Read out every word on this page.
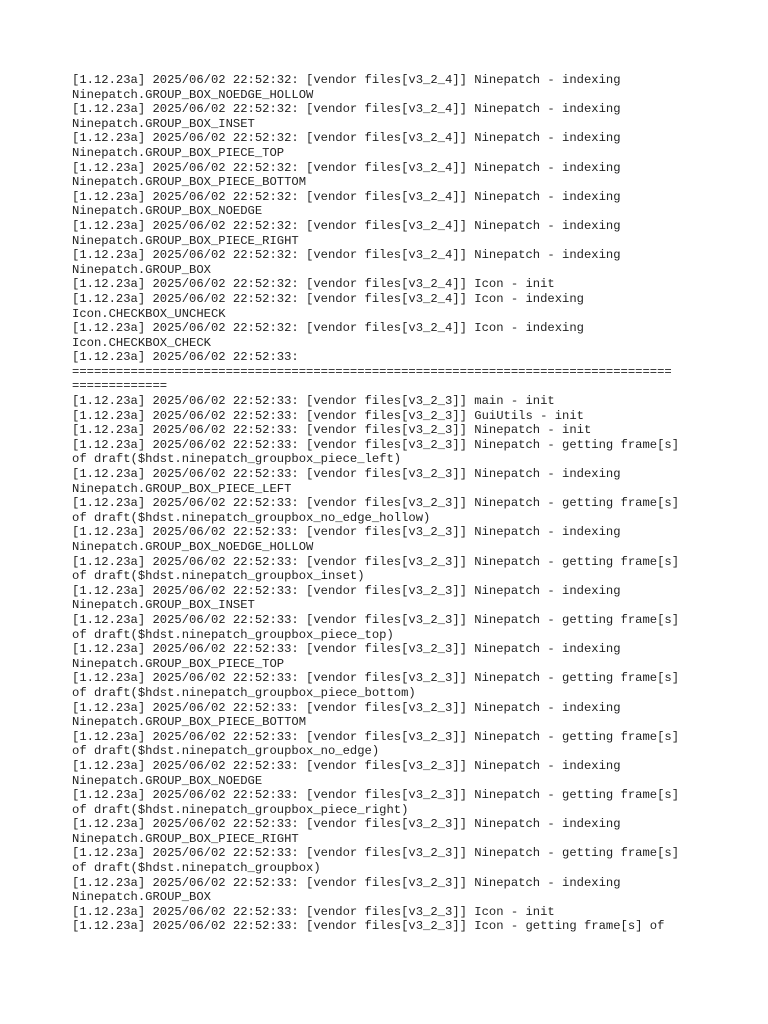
[1.12.23a] 2025/06/02 22:52:32: [vendor files[v3_2_4]] Ninepatch - indexing
Ninepatch.GROUP_BOX_NOEDGE_HOLLOW
[1.12.23a] 2025/06/02 22:52:32: [vendor files[v3_2_4]] Ninepatch - indexing
Ninepatch.GROUP_BOX_INSET
[1.12.23a] 2025/06/02 22:52:32: [vendor files[v3_2_4]] Ninepatch - indexing
Ninepatch.GROUP_BOX_PIECE_TOP
[1.12.23a] 2025/06/02 22:52:32: [vendor files[v3_2_4]] Ninepatch - indexing
Ninepatch.GROUP_BOX_PIECE_BOTTOM
[1.12.23a] 2025/06/02 22:52:32: [vendor files[v3_2_4]] Ninepatch - indexing
Ninepatch.GROUP_BOX_NOEDGE
[1.12.23a] 2025/06/02 22:52:32: [vendor files[v3_2_4]] Ninepatch - indexing
Ninepatch.GROUP_BOX_PIECE_RIGHT
[1.12.23a] 2025/06/02 22:52:32: [vendor files[v3_2_4]] Ninepatch - indexing
Ninepatch.GROUP_BOX
[1.12.23a] 2025/06/02 22:52:32: [vendor files[v3_2_4]] Icon - init
[1.12.23a] 2025/06/02 22:52:32: [vendor files[v3_2_4]] Icon - indexing
Icon.CHECKBOX_UNCHECK
[1.12.23a] 2025/06/02 22:52:32: [vendor files[v3_2_4]] Icon - indexing
Icon.CHECKBOX_CHECK
[1.12.23a] 2025/06/02 22:52:33:
==================================================================================
=============
[1.12.23a] 2025/06/02 22:52:33: [vendor files[v3_2_3]] main - init
[1.12.23a] 2025/06/02 22:52:33: [vendor files[v3_2_3]] GuiUtils - init
[1.12.23a] 2025/06/02 22:52:33: [vendor files[v3_2_3]] Ninepatch - init
[1.12.23a] 2025/06/02 22:52:33: [vendor files[v3_2_3]] Ninepatch - getting frame[s]
of draft($hdst.ninepatch_groupbox_piece_left)
[1.12.23a] 2025/06/02 22:52:33: [vendor files[v3_2_3]] Ninepatch - indexing
Ninepatch.GROUP_BOX_PIECE_LEFT
[1.12.23a] 2025/06/02 22:52:33: [vendor files[v3_2_3]] Ninepatch - getting frame[s]
of draft($hdst.ninepatch_groupbox_no_edge_hollow)
[1.12.23a] 2025/06/02 22:52:33: [vendor files[v3_2_3]] Ninepatch - indexing
Ninepatch.GROUP_BOX_NOEDGE_HOLLOW
[1.12.23a] 2025/06/02 22:52:33: [vendor files[v3_2_3]] Ninepatch - getting frame[s]
of draft($hdst.ninepatch_groupbox_inset)
[1.12.23a] 2025/06/02 22:52:33: [vendor files[v3_2_3]] Ninepatch - indexing
Ninepatch.GROUP_BOX_INSET
[1.12.23a] 2025/06/02 22:52:33: [vendor files[v3_2_3]] Ninepatch - getting frame[s]
of draft($hdst.ninepatch_groupbox_piece_top)
[1.12.23a] 2025/06/02 22:52:33: [vendor files[v3_2_3]] Ninepatch - indexing
Ninepatch.GROUP_BOX_PIECE_TOP
[1.12.23a] 2025/06/02 22:52:33: [vendor files[v3_2_3]] Ninepatch - getting frame[s]
of draft($hdst.ninepatch_groupbox_piece_bottom)
[1.12.23a] 2025/06/02 22:52:33: [vendor files[v3_2_3]] Ninepatch - indexing
Ninepatch.GROUP_BOX_PIECE_BOTTOM
[1.12.23a] 2025/06/02 22:52:33: [vendor files[v3_2_3]] Ninepatch - getting frame[s]
of draft($hdst.ninepatch_groupbox_no_edge)
[1.12.23a] 2025/06/02 22:52:33: [vendor files[v3_2_3]] Ninepatch - indexing
Ninepatch.GROUP_BOX_NOEDGE
[1.12.23a] 2025/06/02 22:52:33: [vendor files[v3_2_3]] Ninepatch - getting frame[s]
of draft($hdst.ninepatch_groupbox_piece_right)
[1.12.23a] 2025/06/02 22:52:33: [vendor files[v3_2_3]] Ninepatch - indexing
Ninepatch.GROUP_BOX_PIECE_RIGHT
[1.12.23a] 2025/06/02 22:52:33: [vendor files[v3_2_3]] Ninepatch - getting frame[s]
of draft($hdst.ninepatch_groupbox)
[1.12.23a] 2025/06/02 22:52:33: [vendor files[v3_2_3]] Ninepatch - indexing
Ninepatch.GROUP_BOX
[1.12.23a] 2025/06/02 22:52:33: [vendor files[v3_2_3]] Icon - init
[1.12.23a] 2025/06/02 22:52:33: [vendor files[v3_2_3]] Icon - getting frame[s] of
